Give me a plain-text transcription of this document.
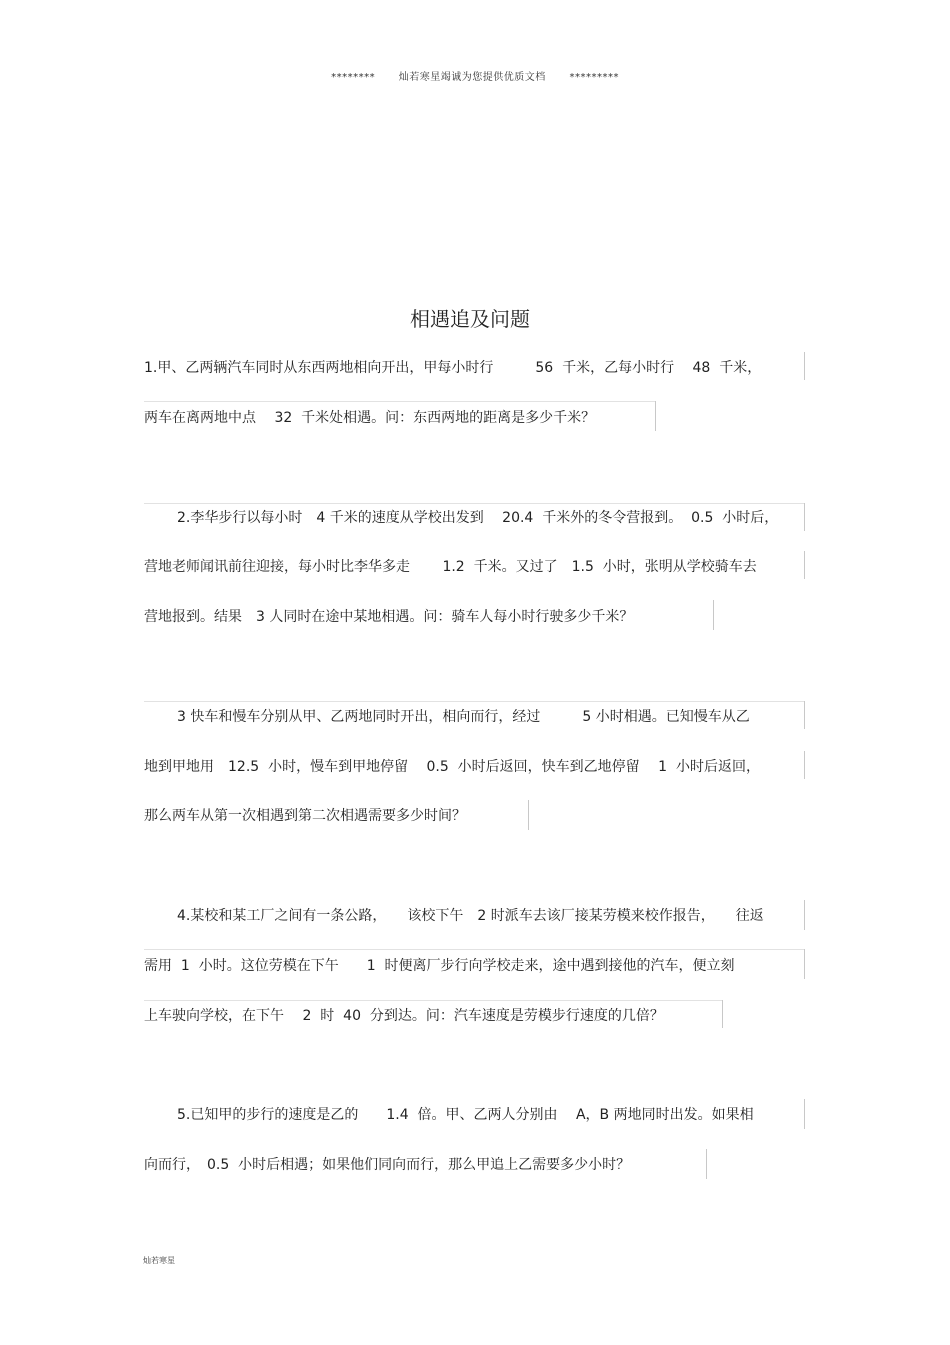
******** 灿若寒星竭诚为您提供优质文档 *********
相遇追及问题
1.甲、乙两辆汽车同时从东西两地相向开出，甲每小时行　　　56  千米，乙每小时行　 48  千米，
两车在离两地中点　 32  千米处相遇。问：东西两地的距离是多少千米？
2.李华步行以每小时　4 千米的速度从学校出发到　 20.4  千米外的冬令营报到。  0.5  小时后，
营地老师闻讯前往迎接，每小时比李华多走　　 1.2  千米。又过了　1.5  小时，张明从学校骑车去
营地报到。结果　3 人同时在途中某地相遇。问：骑车人每小时行驶多少千米？
3 快车和慢车分别从甲、乙两地同时开出，相向而行，经过　　　5 小时相遇。已知慢车从乙
地到甲地用　12.5  小时，慢车到甲地停留　 0.5  小时后返回，快车到乙地停留　 1  小时后返回，
那么两车从第一次相遇到第二次相遇需要多少时间？
4.某校和某工厂之间有一条公路，　　该校下午　2 时派车去该厂接某劳模来校作报告，　　往返
需用  1  小时。这位劳模在下午　　1  时便离厂步行向学校走来，途中遇到接他的汽车，便立刻
上车驶向学校，在下午　 2  时  40  分到达。问：汽车速度是劳模步行速度的几倍？
5.已知甲的步行的速度是乙的　　1.4  倍。甲、乙两人分别由　 A，B 两地同时出发。如果相
向而行，　0.5  小时后相遇；如果他们同向而行，那么甲追上乙需要多少小时？
灿若寒星
